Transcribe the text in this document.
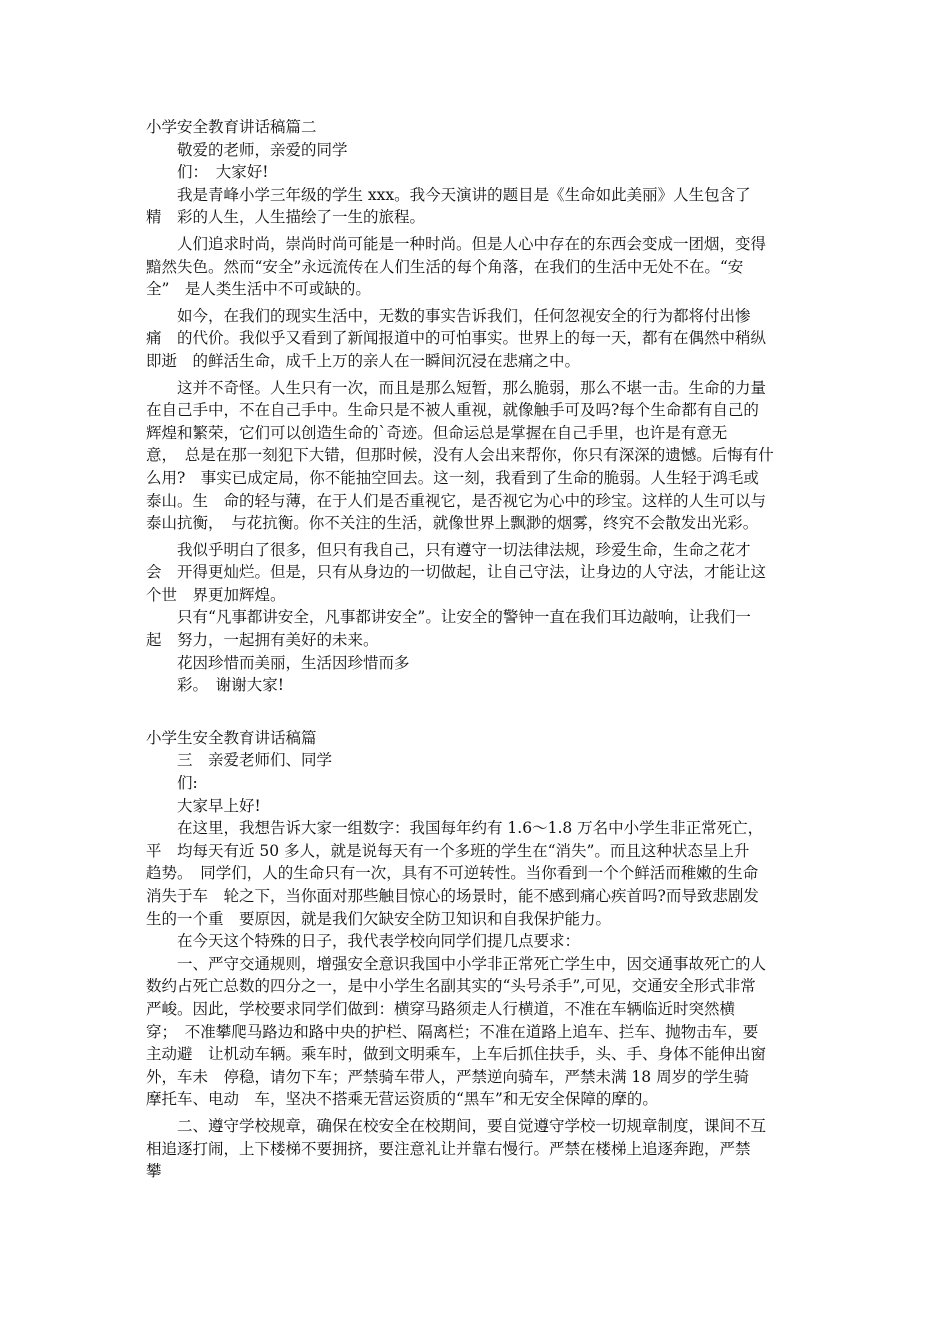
小学安全教育讲话稿篇二
　　敬爱的老师，亲爱的同学
　　们：　大家好!
　　我是青峰小学三年级的学生 xxx。我今天演讲的题目是《生命如此美丽》人生包含了
精　彩的人生，人生描绘了一生的旅程。
　　人们追求时尚，崇尚时尚可能是一种时尚。但是人心中存在的东西会变成一团烟，变得
黯然失色。然而“安全”永远流传在人们生活的每个角落，在我们的生活中无处不在。“安
全”　是人类生活中不可或缺的。
　　如今，在我们的现实生活中，无数的事实告诉我们，任何忽视安全的行为都将付出惨
痛　的代价。我似乎又看到了新闻报道中的可怕事实。世界上的每一天，都有在偶然中稍纵
即逝　的鲜活生命，成千上万的亲人在一瞬间沉浸在悲痛之中。
　　这并不奇怪。人生只有一次，而且是那么短暂，那么脆弱，那么不堪一击。生命的力量
在自己手中，不在自己手中。生命只是不被人重视，就像触手可及吗?每个生命都有自己的
辉煌和繁荣，它们可以创造生命的`奇迹。但命运总是掌握在自己手里，也许是有意无
意，　总是在那一刻犯下大错，但那时候，没有人会出来帮你，你只有深深的遗憾。后悔有什
么用?　事实已成定局，你不能抽空回去。这一刻，我看到了生命的脆弱。人生轻于鸿毛或
泰山。生　命的轻与薄，在于人们是否重视它，是否视它为心中的珍宝。这样的人生可以与
泰山抗衡，　与花抗衡。你不关注的生活，就像世界上飘渺的烟雾，终究不会散发出光彩。
　　我似乎明白了很多，但只有我自己，只有遵守一切法律法规，珍爱生命，生命之花才
会　开得更灿烂。但是，只有从身边的一切做起，让自己守法，让身边的人守法，才能让这
个世　界更加辉煌。
　　只有“凡事都讲安全，凡事都讲安全”。让安全的警钟一直在我们耳边敲响，让我们一
起　努力，一起拥有美好的未来。
　　花因珍惜而美丽，生活因珍惜而多
　　彩。　谢谢大家!
小学生安全教育讲话稿篇
　　三　亲爱老师们、同学
　　们:
　　大家早上好!
　　在这里，我想告诉大家一组数字：我国每年约有 1.6～1.8 万名中小学生非正常死亡，
平　均每天有近 50 多人，就是说每天有一个多班的学生在“消失”。而且这种状态呈上升
趋势。　同学们，人的生命只有一次，具有不可逆转性。当你看到一个个鲜活而稚嫩的生命
消失于车　轮之下，当你面对那些触目惊心的场景时，能不感到痛心疾首吗?而导致悲剧发
生的一个重　要原因，就是我们欠缺安全防卫知识和自我保护能力。
　　在今天这个特殊的日子，我代表学校向同学们提几点要求：
　　一、严守交通规则，增强安全意识我国中小学非正常死亡学生中，因交通事故死亡的人
数约占死亡总数的四分之一，是中小学生名副其实的“头号杀手”,可见，交通安全形式非常
严峻。因此，学校要求同学们做到：横穿马路须走人行横道，不准在车辆临近时突然横
穿；　不准攀爬马路边和路中央的护栏、隔离栏；不准在道路上追车、拦车、抛物击车，要
主动避　让机动车辆。乘车时，做到文明乘车，上车后抓住扶手，头、手、身体不能伸出窗
外，车未　停稳，请勿下车；严禁骑车带人，严禁逆向骑车，严禁未满 18 周岁的学生骑
摩托车、电动　车，坚决不搭乘无营运资质的“黑车”和无安全保障的摩的。
　　二、遵守学校规章，确保在校安全在校期间，要自觉遵守学校一切规章制度，课间不互
相追逐打闹，上下楼梯不要拥挤，要注意礼让并靠右慢行。严禁在楼梯上追逐奔跑，严禁
攀
